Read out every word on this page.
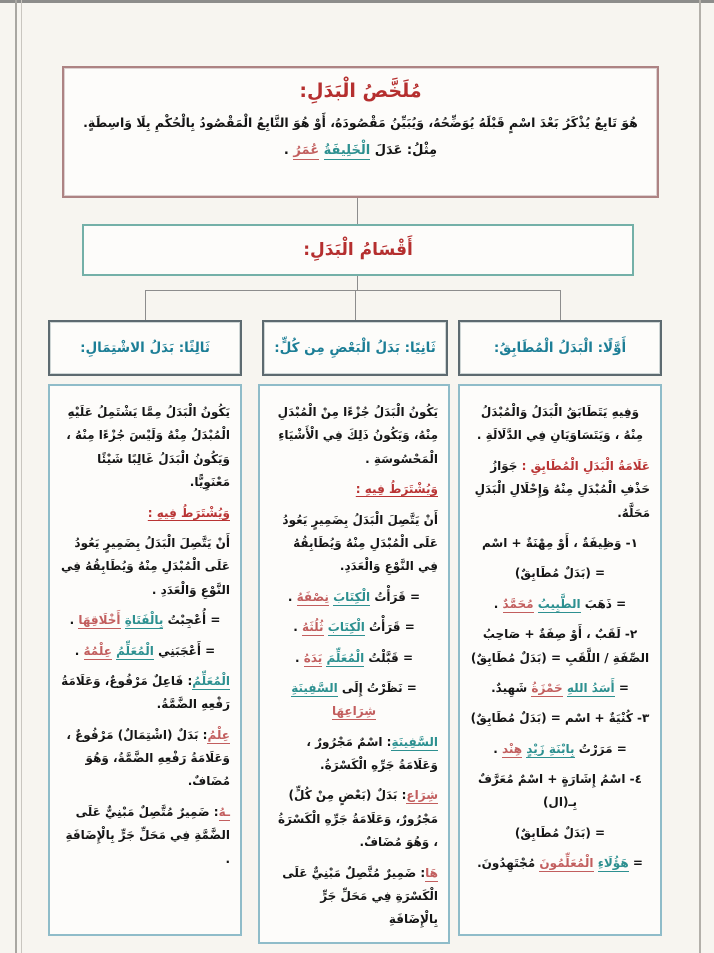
مُلَخَّصُ الْبَدَلِ:
هُوَ تَابِعٌ يُذْكَرُ بَعْدَ اسْمٍ قَبْلَهُ يُوَضِّحُهُ، وَيُبَيِّنُ مَقْصُودَهُ، أَوْ هُوَ التَّابِعُ الْمَقْصُودُ بِالْحُكْمِ بِلَا وَاسِطَةٍ.
مِثْلُ: عَدَلَ الْخَلِيفَةُ عُمَرُ .
أَقْسَامُ الْبَدَلِ:
أَوَّلًا: الْبَدَلُ الْمُطَابِقُ:
ثَانِيًا: بَدَلُ الْبَعْضِ مِن كُلٍّ:
ثَالِثًا: بَدَلُ الاشْتِمَالِ:

وَفِيهِ يَتَطَابَقُ الْبَدَلُ وَالْمُبْدَلُ مِنْهُ ، وَيَتَسَاوَيَانِ فِي الدَّلَالَةِ .

عَلَامَةُ الْبَدَلِ الْمُطَابِقِ : جَوَازُ حَذْفِ الْمُبْدَلِ مِنْهُ وَإِحْلَالِ الْبَدَلِ مَحَلَّهُ.

١- وَظِيفَةٌ ، أَوْ مِهْنَةٌ + اسْم

= (بَدَلٌ مُطَابِقٌ)

= ذَهَبَ الطَّبِيبُ مُحَمَّدٌ .

٢- لَقَبٌ ، أَوْ صِفَةٌ + صَاحِبُ الصِّفَةِ / اللَّقَبِ = (بَدَلٌ مُطَابِقٌ)

= أَسَدُ اللهِ حَمْزَةُ شَهِيدٌ.

٣- كُنْيَةٌ + اسْم = (بَدَلٌ مُطَابِقٌ)

= مَرَرْتُ بِابْنَةِ زَيْدٍ هِنْد .

٤- اسْمُ إِشَارَةٍ + اسْمٌ مُعَرَّفٌ بِـ(ال)

= (بَدَلٌ مُطَابِقٌ)

= هَؤُلَاءِ الْمُعَلِّمُونَ مُجْتَهِدُونَ.

يَكُونُ الْبَدَلُ جُزْءًا مِنْ الْمُبْدَلِ مِنْهُ، وَيَكُونُ ذَلِكَ فِي الْأَشْيَاءِ الْمَحْسُوسَةِ .

وَيُشْتَرَطُ فِيهِ :

أَنْ يَتَّصِلَ الْبَدَلُ بِضَمِيرٍ يَعُودُ عَلَى الْمُبْدَلِ مِنْهُ وَيُطَابِقُهُ فِي النَّوْعِ وَالْعَدَدِ.

= قَرَأْتُ الْكِتَابَ نِصْفَهُ .

= قَرَأْتُ الْكِتَابَ ثُلُثَهُ .

= قَبَّلْتُ الْمُعَلِّمَ يَدَهُ .

= نَظَرْتُ إِلَى السَّفِينَةِ شِرَاعِهَا

السَّفِينَةِ: اسْمٌ مَجْرُورٌ ، وَعَلَامَةُ جَرِّهِ الْكَسْرَةُ.

شِرَاع: بَدَلٌ (بَعْضٍ مِنْ كُلٍّ) مَجْرُورٌ، وَعَلَامَةُ جَرِّهِ الْكَسْرَةُ ، وَهُوَ مُضَافٌ.

هَا: ضَمِيرٌ مُتَّصِلٌ مَبْنِيٌّ عَلَى الْكَسْرَةِ فِي مَحَلِّ جَرٍّ بِالْإِضَافَةِ

يَكُونُ الْبَدَلُ مِمَّا يَشْتَمِلُ عَلَيْهِ الْمُبْدَلُ مِنْهُ وَلَيْسَ جُزْءًا مِنْهُ ، وَيَكُونُ الْبَدَلُ غَالِبًا شَيْئًا مَعْنَوِيًّا.

وَيُشْتَرَطُ فِيهِ :

أَنْ يَتَّصِلَ الْبَدَلُ بِضَمِيرٍ يَعُودُ عَلَى الْمُبْدَلِ مِنْهُ وَيُطَابِقُهُ فِي النَّوْعِ وَالْعَدَدِ .

= أُعْجِبْتُ بِالْفَتَاةِ أَخْلَاقِهَا .

= أَعْجَبَنِي الْمُعَلِّمُ عِلْمُهُ .

الْمُعَلِّمُ: فَاعِلٌ مَرْفُوعٌ، وَعَلَامَةُ رَفْعِهِ الضَّمَّةُ.

عِلْمُ: بَدَلٌ (اشْتِمَالٌ) مَرْفُوعٌ ، وَعَلَامَةُ رَفْعِهِ الضَّمَّةُ، وَهُوَ مُضَافٌ.

ـهُ: ضَمِيرٌ مُتَّصِلٌ مَبْنِيٌّ عَلَى الضَّمَّةِ فِي مَحَلِّ جَرٍّ بِالْإِضَافَةِ .
